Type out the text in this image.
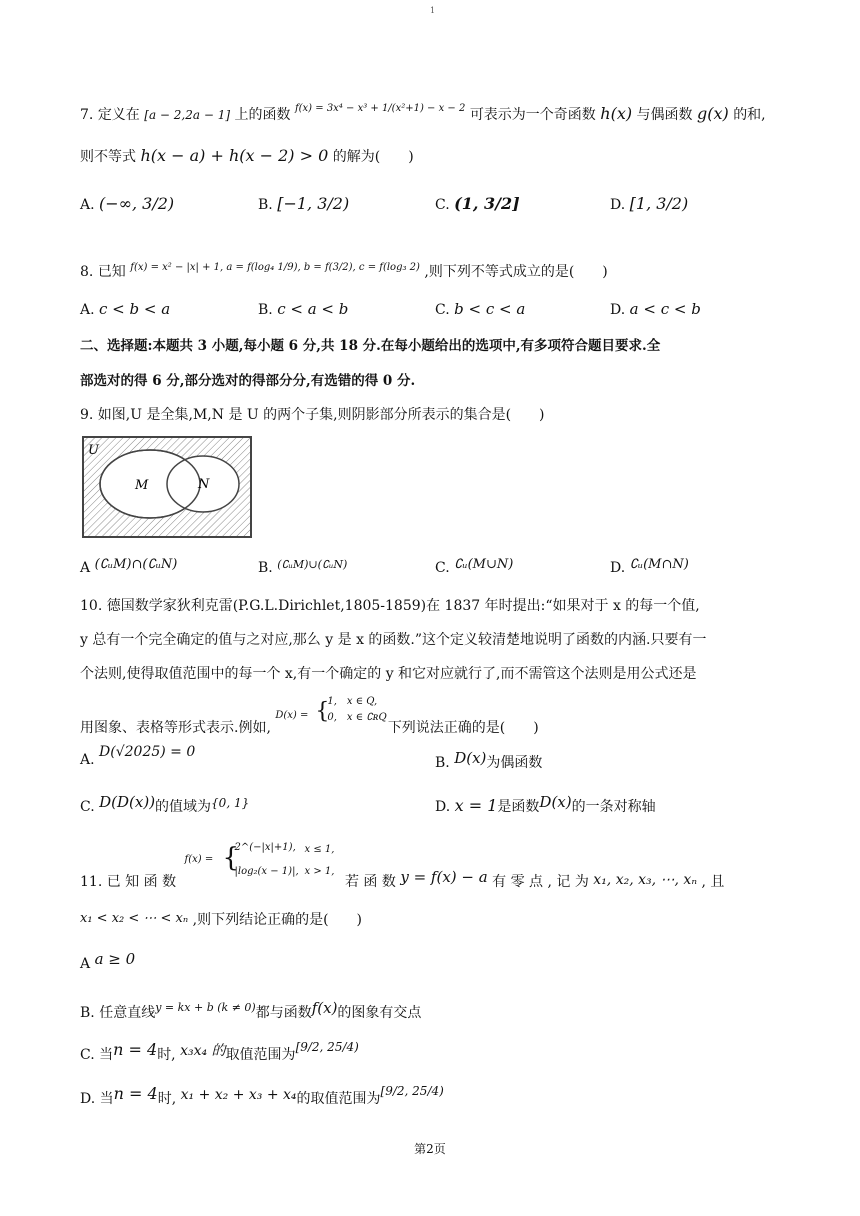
1
7. 定义在 [a − 2,2a − 1] 上的函数 $^{f(x) = 3x^4 - x^3 + 1/(x^2+1) - x - 2}$ 可表示为一个奇函数 h(x) 与偶函数 g(x) 的和,
则不等式 h(x − a) + h(x − 2) > 0 的解为(　　)
A. (−∞, 3/2)	B. [−1, 3/2)	C. (1, 3/2]	D. [1, 3/2)
8. 已知 $^{f(x) = x^2 - |x| + 1, a = f(log_4 1/9), b = f(3/2), c = f(log_3 2)}$ ,则下列不等式成立的是(　　)
A. c < b < a	B. c < a < b	C. b < c < a	D. a < c < b
二、选择题:本题共 3 小题,每小题 6 分,共 18 分.在每小题给出的选项中,有多项符合题目要求.全
部选对的得 6 分,部分选对的得部分分,有选错的得 0 分.
9. 如图,U 是全集,M,N 是 U 的两个子集,则阴影部分所表示的集合是(　　)
U
M	N
A (∁ᵤM)∩(∁ᵤN)	B. $^{(∁ᵤM)\cup(∁ᵤN)}$	C. ∁ᵤ(M∪N)	D. ∁ᵤ(M∩N)
10. 德国数学家狄利克雷(P.G.L.Dirichlet,1805-1859)在 1837 年时提出:“如果对于 x 的每一个值,
y 总有一个完全确定的值与之对应,那么 y 是 x 的函数.”这个定义较清楚地说明了函数的内涵.只要有一
个法则,使得取值范围中的每一个 x,有一个确定的 y 和它对应就行了,而不需管这个法则是用公式还是
用图象、表格等形式表示.例如,
D(x) = {
1,　x ∈ Q,
0,　x ∈ ∁ʀQ
下列说法正确的是(　　)
A. D(√2025) = 0
B. D(x)为偶函数
C. D(D(x))的值域为{0, 1}	D. x = 1是函数D(x)的一条对称轴
11. 已 知 函 数
f(x) = {
2^(−|x|+1), x ≤ 1,
|log₂(x − 1)|, x > 1,
若 函 数 y = f(x) − a 有 零 点 , 记 为 x₁, x₂, x₃, ⋯, xₙ , 且
x₁ < x₂ < ⋯ < xₙ ,则下列结论正确的是(　　)
A a ≥ 0
B. 任意直线$^{y = kx + b (k \ne 0)}$都与函数f(x)的图象有交点
C. 当n = 4时, x₃x₄ 的取值范围为[9/2, 25/4)
D. 当n = 4时, x₁ + x₂ + x₃ + x₄的取值范围为[9/2, 25/4)
第2页
